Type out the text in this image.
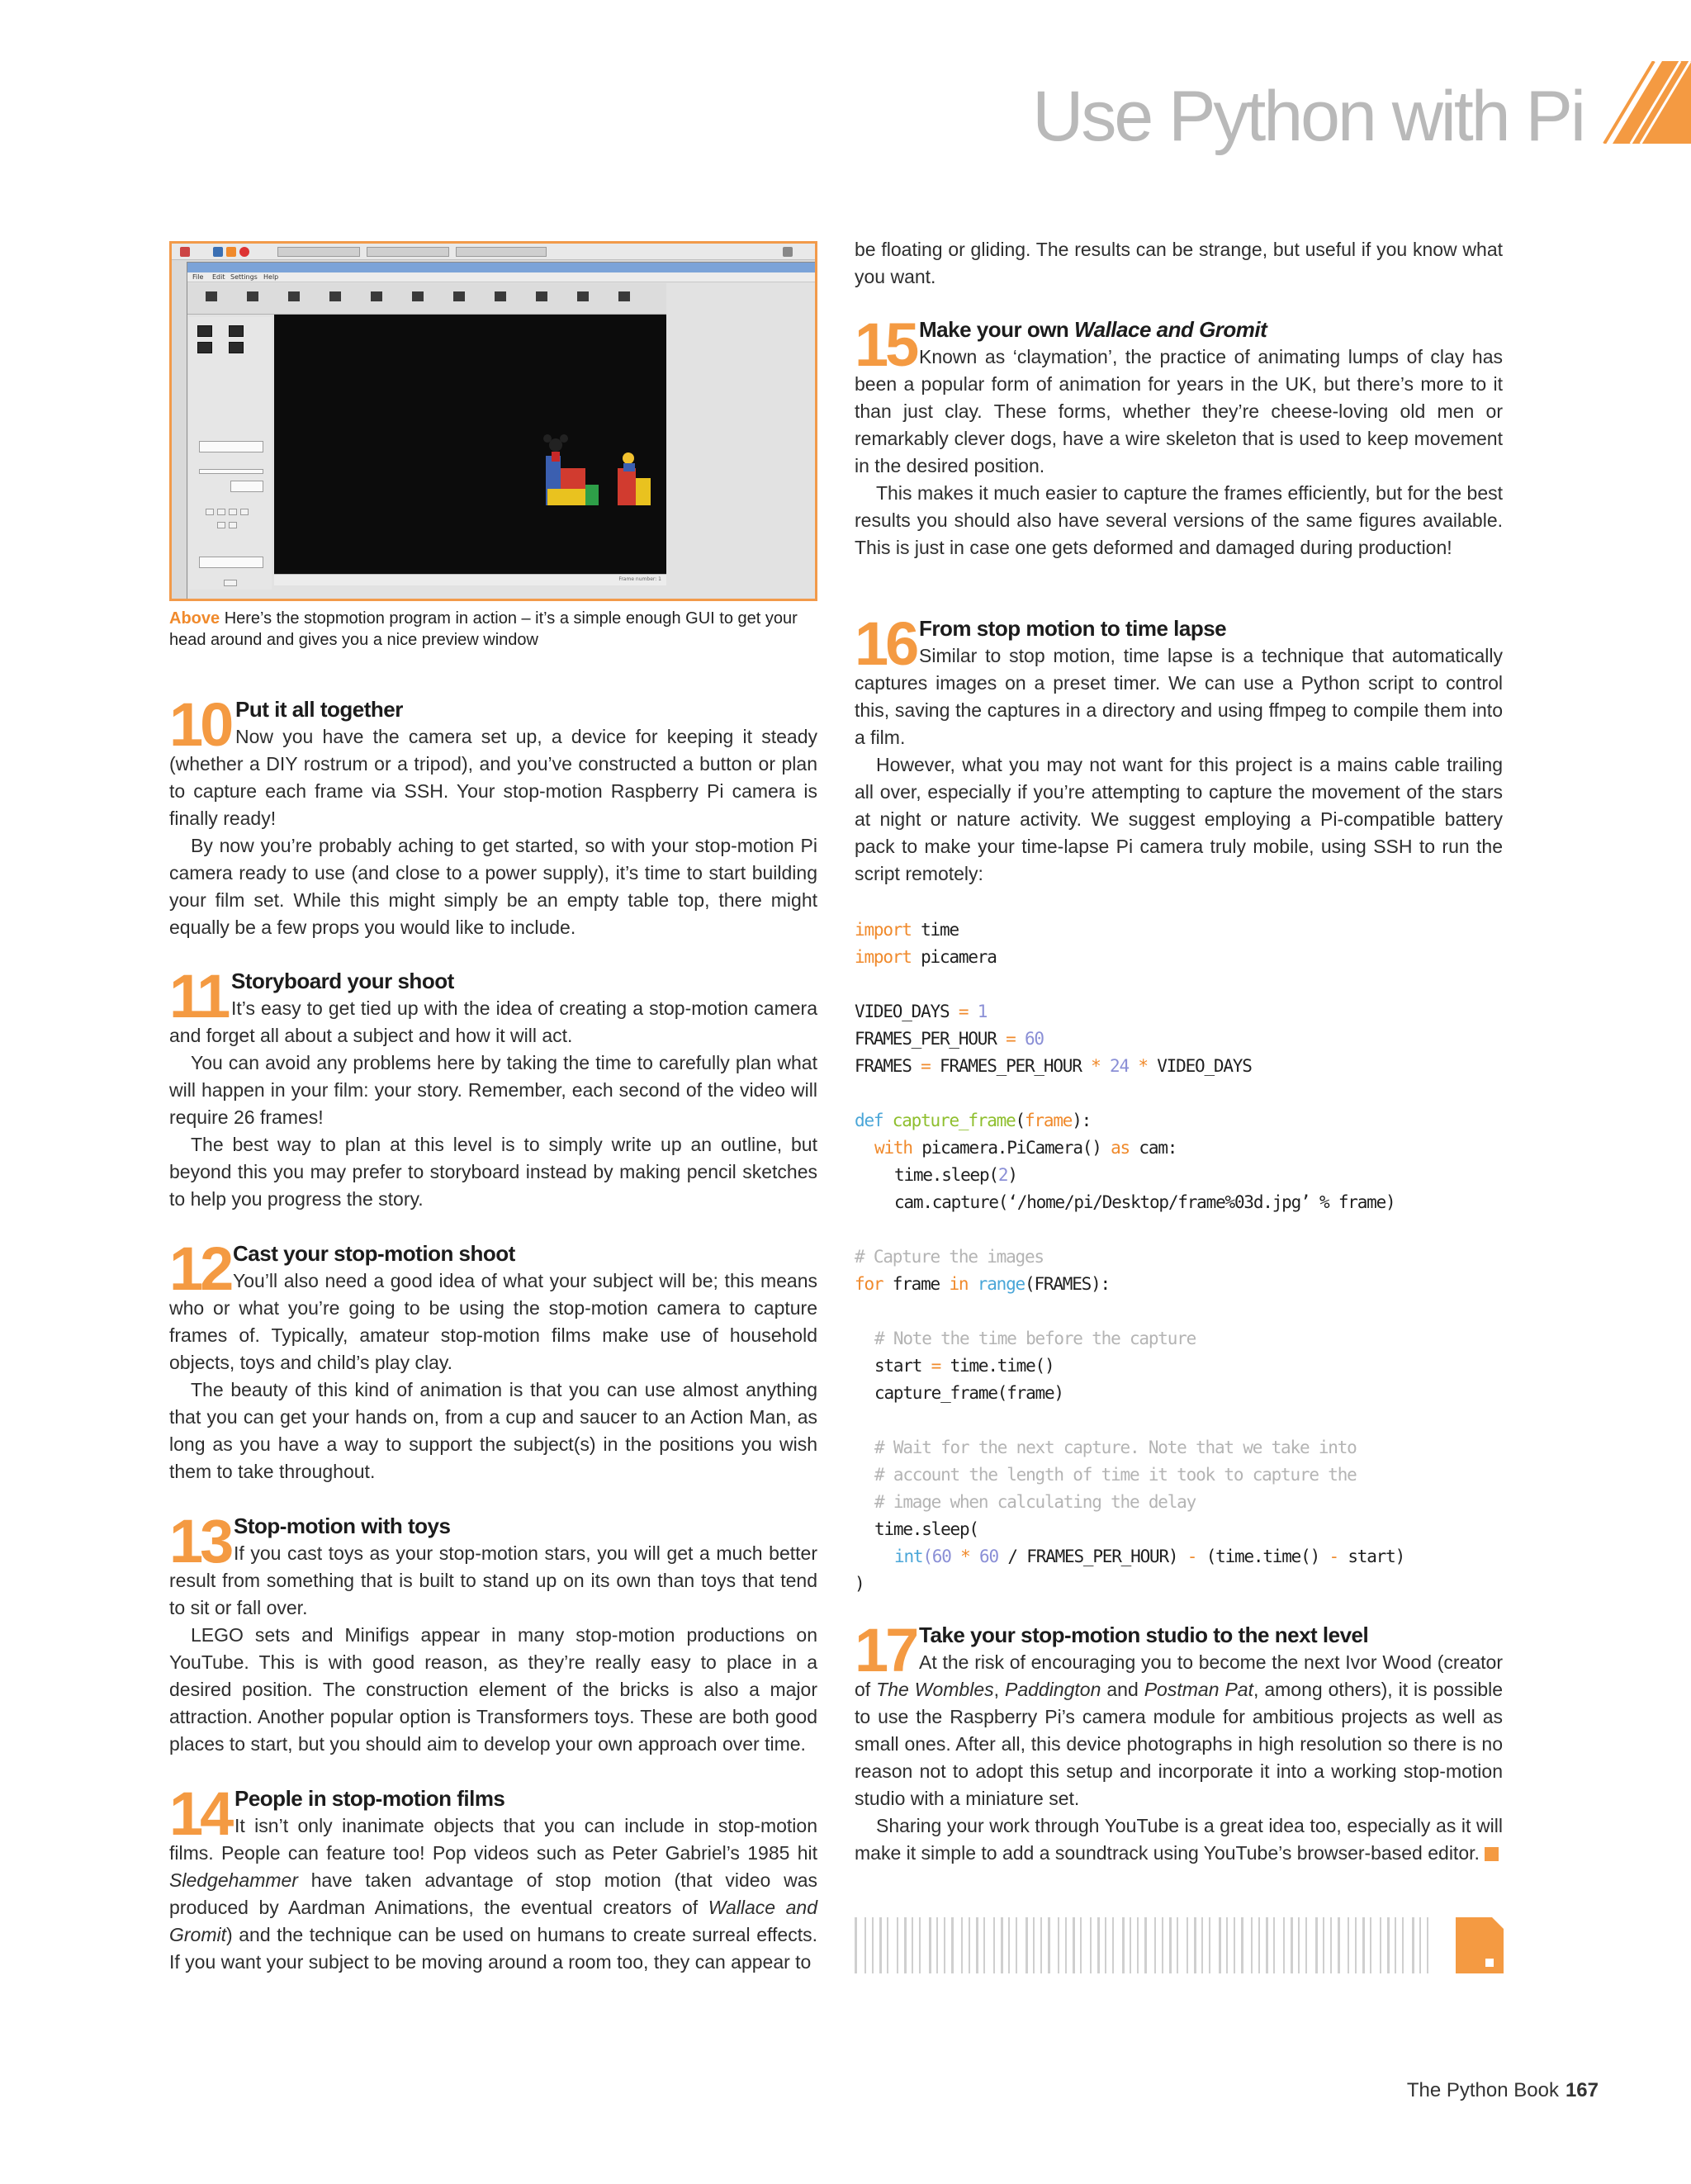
Use Python with Pi
File Edit Settings Help
Frame number: 1
Above Here’s the stopmotion program in action – it’s a simple enough GUI to get your head around and gives you a nice preview window
10 Put it all together

Now you have the camera set up, a device for keeping it steady (whether a DIY rostrum or a tripod), and you’ve constructed a button or plan to capture each frame via SSH. Your stop-motion Raspberry Pi camera is finally ready!

By now you’re probably aching to get started, so with your stop-motion Pi camera ready to use (and close to a power supply), it’s time to start building your film set. While this might simply be an empty table top, there might equally be a few props you would like to include.

11 Storyboard your shoot

It’s easy to get tied up with the idea of creating a stop-motion camera and forget all about a subject and how it will act.

You can avoid any problems here by taking the time to carefully plan what will happen in your film: your story. Remember, each second of the video will require 26 frames!

The best way to plan at this level is to simply write up an outline, but beyond this you may prefer to storyboard instead by making pencil sketches to help you progress the story.

12 Cast your stop-motion shoot

You’ll also need a good idea of what your subject will be; this means who or what you’re going to be using the stop-motion camera to capture frames of. Typically, amateur stop-motion films make use of household objects, toys and child’s play clay.

The beauty of this kind of animation is that you can use almost anything that you can get your hands on, from a cup and saucer to an Action Man, as long as you have a way to support the subject(s) in the positions you wish them to take throughout.

13 Stop-motion with toys

If you cast toys as your stop-motion stars, you will get a much better result from something that is built to stand up on its own than toys that tend to sit or fall over.

LEGO sets and Minifigs appear in many stop-motion productions on YouTube. This is with good reason, as they’re really easy to place in a desired position. The construction element of the bricks is also a major attraction. Another popular option is Transformers toys. These are both good places to start, but you should aim to develop your own approach over time.

14 People in stop-motion films

It isn’t only inanimate objects that you can include in stop-motion films. People can feature too! Pop videos such as Peter Gabriel’s 1985 hit Sledgehammer have taken advantage of stop motion (that video was produced by Aardman Animations, the eventual creators of Wallace and Gromit) and the technique can be used on humans to create surreal effects. If you want your subject to be moving around a room too, they can appear to

be floating or gliding. The results can be strange, but useful if you know what you want.

15 Make your own Wallace and Gromit

Known as ‘claymation’, the practice of animating lumps of clay has been a popular form of animation for years in the UK, but there’s more to it than just clay. These forms, whether they’re cheese-loving old men or remarkably clever dogs, have a wire skeleton that is used to keep movement in the desired position.

This makes it much easier to capture the frames efficiently, but for the best results you should also have several versions of the same figures available. This is just in case one gets deformed and damaged during production!

16 From stop motion to time lapse

Similar to stop motion, time lapse is a technique that automatically captures images on a preset timer. We can use a Python script to control this, saving the captures in a directory and using ffmpeg to compile them into a film.

However, what you may not want for this project is a mains cable trailing all over, especially if you’re attempting to capture the movement of the stars at night or nature activity. We suggest employing a Pi-compatible battery pack to make your time-lapse Pi camera truly mobile, using SSH to run the script remotely:

import time
import picamera
VIDEO_DAYS = 1
FRAMES_PER_HOUR = 60
FRAMES = FRAMES_PER_HOUR * 24 * VIDEO_DAYS
def capture_frame(frame):
with picamera.PiCamera() as cam:
time.sleep(2)
cam.capture(‘/home/pi/Desktop/frame%03d.jpg’ % frame)
# Capture the images
for frame in range(FRAMES):
# Note the time before the capture
start = time.time()
capture_frame(frame)
# Wait for the next capture. Note that we take into
# account the length of time it took to capture the
# image when calculating the delay
time.sleep(
int(60 * 60 / FRAMES_PER_HOUR) - (time.time() - start)
)
17 Take your stop-motion studio to the next level

At the risk of encouraging you to become the next Ivor Wood (creator of The Wombles, Paddington and Postman Pat, among others), it is possible to use the Raspberry Pi’s camera module for ambitious projects as well as small ones. After all, this device photographs in high resolution so there is no reason not to adopt this setup and incorporate it into a working stop-motion studio with a miniature set.

Sharing your work through YouTube is a great idea too, especially as it will make it simple to add a soundtrack using YouTube’s browser-based editor.

The Python Book 167
